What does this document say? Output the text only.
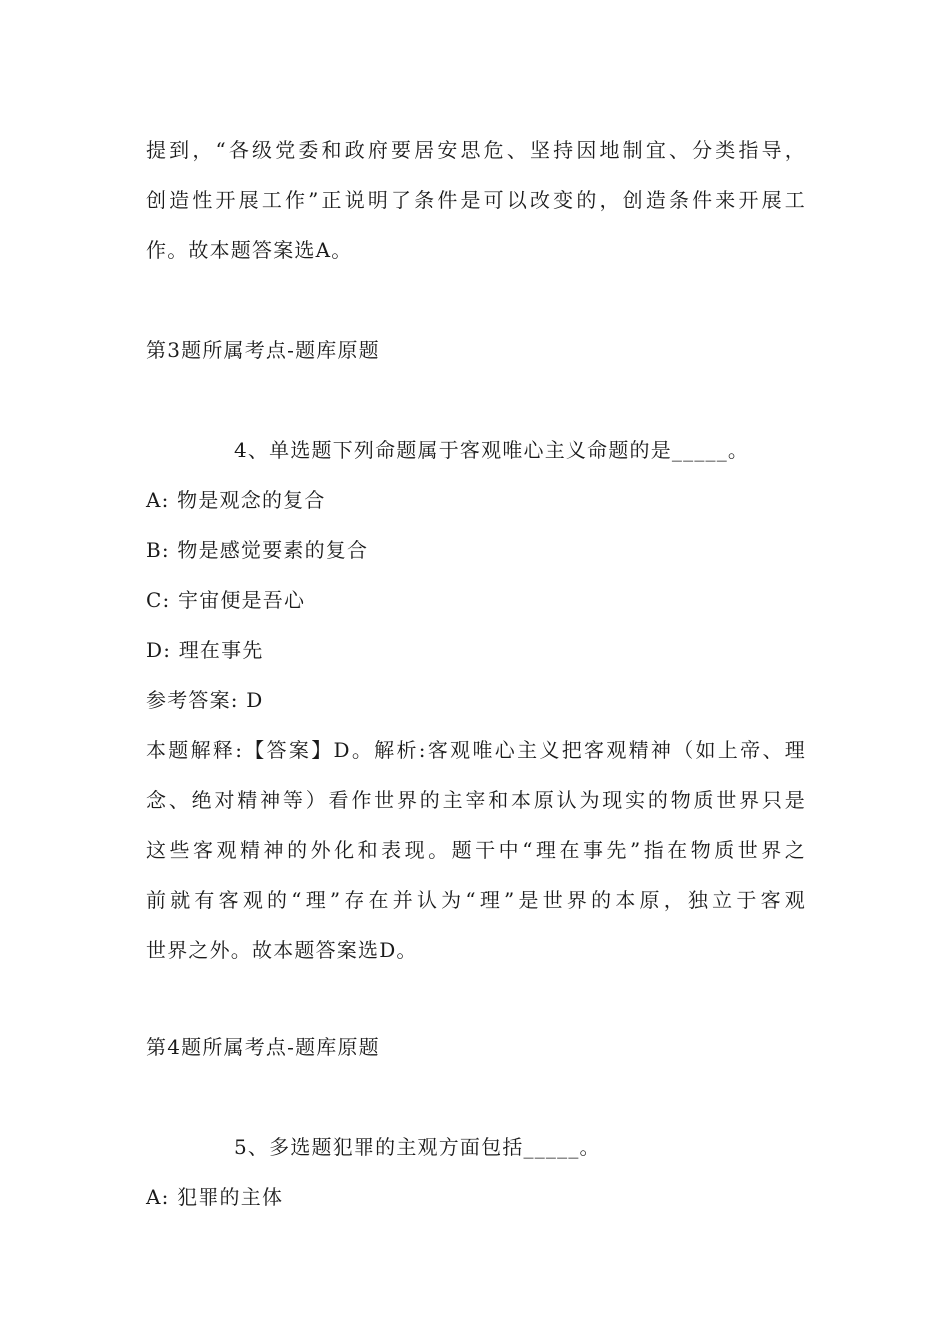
提到，“各级党委和政府要居安思危、坚持因地制宜、分类指导，
创造性开展工作”正说明了条件是可以改变的，创造条件来开展工
作。故本题答案选A。
第3题所属考点-题库原题
4、单选题下列命题属于客观唯心主义命题的是_____。
A: 物是观念的复合
B: 物是感觉要素的复合
C: 宇宙便是吾心
D: 理在事先
参考答案: D
本题解释:【答案】D。解析:客观唯心主义把客观精神（如上帝、理
念、绝对精神等）看作世界的主宰和本原认为现实的物质世界只是
这些客观精神的外化和表现。题干中“理在事先”指在物质世界之
前就有客观的“理”存在并认为“理”是世界的本原，独立于客观
世界之外。故本题答案选D。
第4题所属考点-题库原题
5、多选题犯罪的主观方面包括_____。
A: 犯罪的主体
